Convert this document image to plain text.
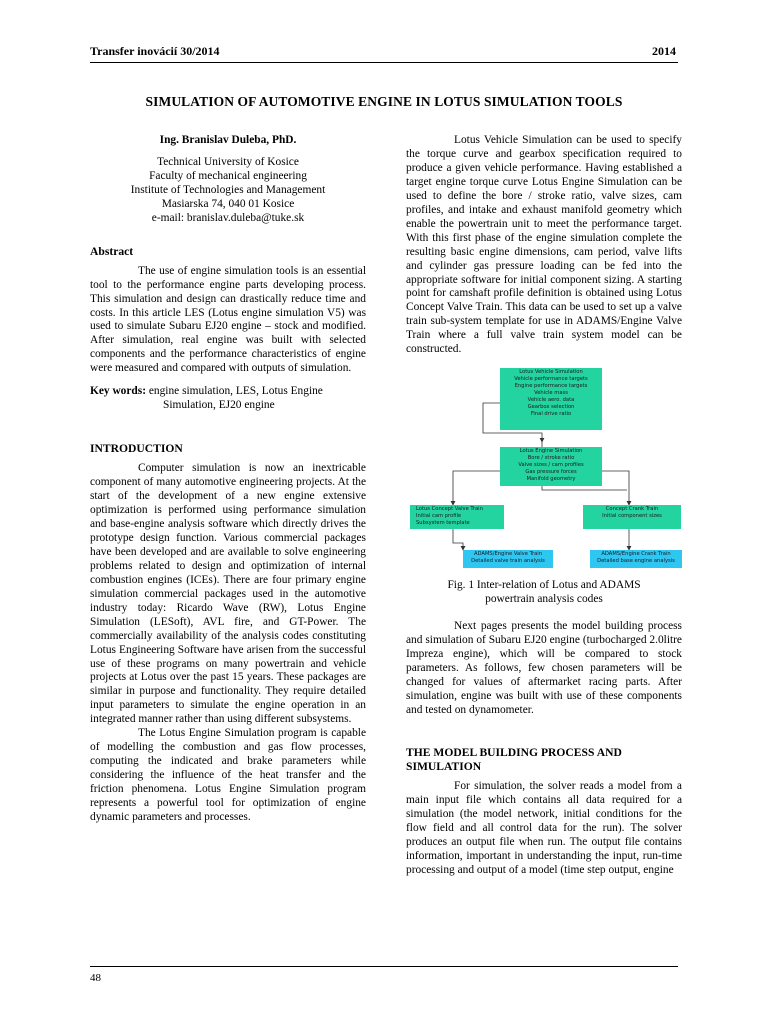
Transfer inovácií 30/2014	2014
SIMULATION OF AUTOMOTIVE ENGINE IN LOTUS SIMULATION TOOLS
Ing. Branislav Duleba, PhD.
Technical University of Kosice
Faculty of mechanical engineering
Institute of Technologies and Management
Masiarska 74, 040 01 Kosice
e-mail: branislav.duleba@tuke.sk
Abstract

The use of engine simulation tools is an essential tool to the performance engine parts developing process. This simulation and design can drastically reduce time and costs. In this article LES (Lotus engine simulation V5) was used to simulate Subaru EJ20 engine – stock and modified. After simulation, real engine was built with selected components and the performance characteristics of engine were measured and compared with outputs of simulation.

Key words: engine simulation, LES, Lotus Engine
Simulation, EJ20 engine
INTRODUCTION

Computer simulation is now an inextricable component of many automotive engineering projects. At the start of the development of a new engine extensive optimization is performed using performance simulation and base-engine analysis software which directly drives the prototype design function. Various commercial packages have been developed and are available to solve engineering problems related to design and optimization of internal combustion engines (ICEs). There are four primary engine simulation commercial packages used in the automotive industry today: Ricardo Wave (RW), Lotus Engine Simulation (LESoft), AVL fire, and GT-Power. The commercially availability of the analysis codes constituting Lotus Engineering Software have arisen from the successful use of these programs on many powertrain and vehicle projects at Lotus over the past 15 years. These packages are similar in purpose and functionality. They require detailed input parameters to simulate the engine operation in an integrated manner rather than using different subsystems.

The Lotus Engine Simulation program is capable of modelling the combustion and gas flow processes, computing the indicated and brake parameters while considering the influence of the heat transfer and the friction phenomena. Lotus Engine Simulation program represents a powerful tool for optimization of engine dynamic parameters and processes.

Lotus Vehicle Simulation can be used to specify the torque curve and gearbox specification required to produce a given vehicle performance. Having established a target engine torque curve Lotus Engine Simulation can be used to define the bore / stroke ratio, valve sizes, cam profiles, and intake and exhaust manifold geometry which enable the powertrain unit to meet the performance target. With this first phase of the engine simulation complete the resulting basic engine dimensions, cam period, valve lifts and cylinder gas pressure loading can be fed into the appropriate software for initial component sizing. A starting point for camshaft profile definition is obtained using Lotus Concept Valve Train. This data can be used to set up a valve train sub-system template for use in ADAMS/Engine Valve Train where a full valve train system model can be constructed.

Lotus Vehicle Simulation
Vehicle performance targets
Engine performance targets
Vehicle mass
Vehicle aero. data
Gearbox selection
Final drive ratio
Lotus Engine Simulation
Bore / stroke ratio
Valve sizes / cam profiles
Gas pressure forces
Manifold geometry
Lotus Concept Valve Train
Initial cam profile
Subsystem template
Concept Crank Train
Initial component sizes
ADAMS/Engine Valve Train
Detailed valve train analysis
ADAMS/Engine Crank Train
Detailed base engine analysis
Fig. 1 Inter-relation of Lotus and ADAMS
powertrain analysis codes

Next pages presents the model building process and simulation of Subaru EJ20 engine (turbocharged 2.0litre Impreza engine), which will be compared to stock parameters. As follows, few chosen parameters will be changed for values of aftermarket racing parts. After simulation, engine was built with use of these components and tested on dynamometer.

THE MODEL BUILDING PROCESS AND
SIMULATION

For simulation, the solver reads a model from a main input file which contains all data required for a simulation (the model network, initial conditions for the flow field and all control data for the run). The solver produces an output file when run. The output file contains information, important in understanding the input, run-time processing and output of a model (time step output, engine

48
